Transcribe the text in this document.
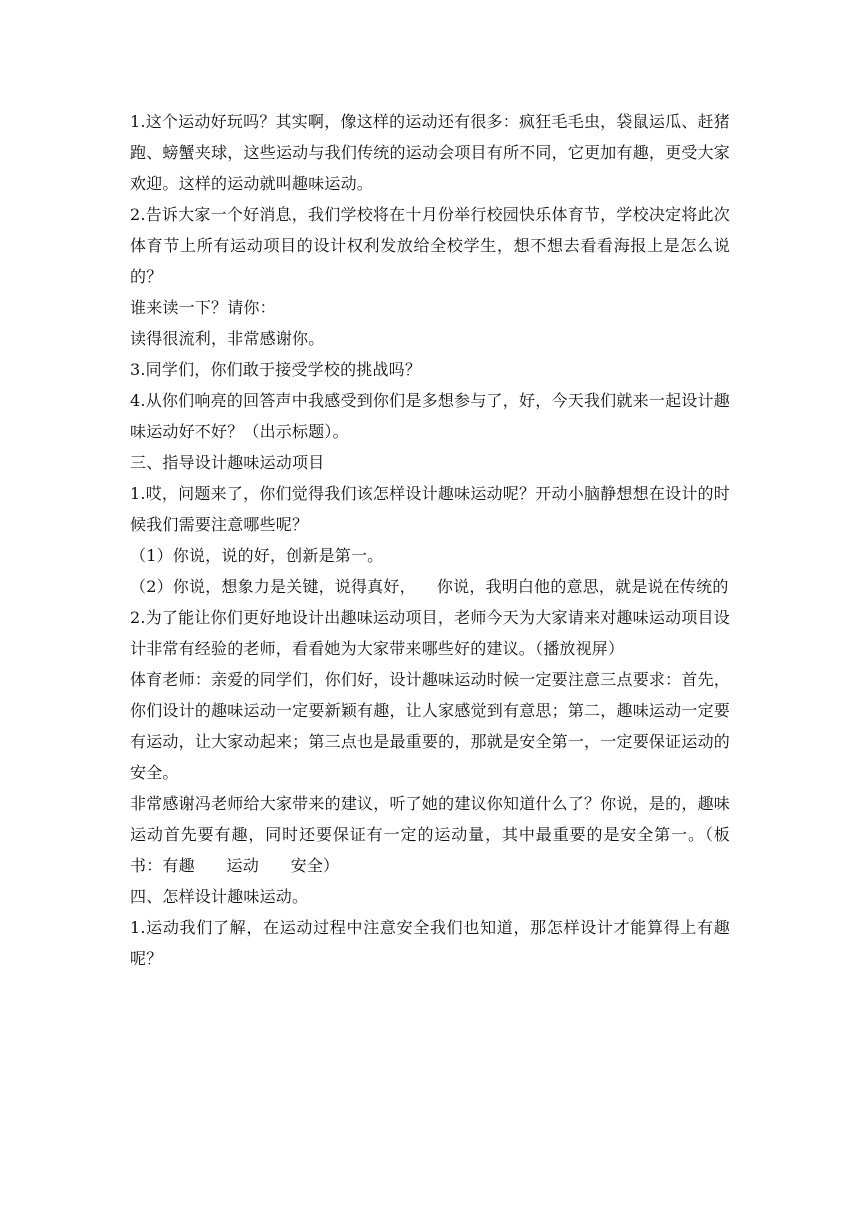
1.这个运动好玩吗？其实啊，像这样的运动还有很多：疯狂毛毛虫，袋鼠运瓜、赶猪跑、螃蟹夹球，这些运动与我们传统的运动会项目有所不同，它更加有趣，更受大家欢迎。这样的运动就叫趣味运动。

2.告诉大家一个好消息，我们学校将在十月份举行校园快乐体育节，学校决定将此次体育节上所有运动项目的设计权利发放给全校学生，想不想去看看海报上是怎么说的？

谁来读一下？请你：

读得很流利，非常感谢你。

3.同学们，你们敢于接受学校的挑战吗？

4.从你们响亮的回答声中我感受到你们是多想参与了，好，今天我们就来一起设计趣味运动好不好？（出示标题）。

三、指导设计趣味运动项目

1.哎，问题来了，你们觉得我们该怎样设计趣味运动呢？开动小脑静想想在设计的时候我们需要注意哪些呢？

（1）你说，说的好，创新是第一。

（2）你说，想象力是关键，说得真好，    你说，我明白他的意思，就是说在传统的

2.为了能让你们更好地设计出趣味运动项目，老师今天为大家请来对趣味运动项目设计非常有经验的老师，看看她为大家带来哪些好的建议。（播放视屏）

体育老师：亲爱的同学们，你们好，设计趣味运动时候一定要注意三点要求：首先，你们设计的趣味运动一定要新颖有趣，让人家感觉到有意思；第二，趣味运动一定要有运动，让大家动起来；第三点也是最重要的，那就是安全第一，一定要保证运动的安全。

非常感谢冯老师给大家带来的建议，听了她的建议你知道什么了？你说，是的，趣味运动首先要有趣，同时还要保证有一定的运动量，其中最重要的是安全第一。（板书：有趣      运动      安全）

四、怎样设计趣味运动。

1.运动我们了解，在运动过程中注意安全我们也知道，那怎样设计才能算得上有趣呢？
